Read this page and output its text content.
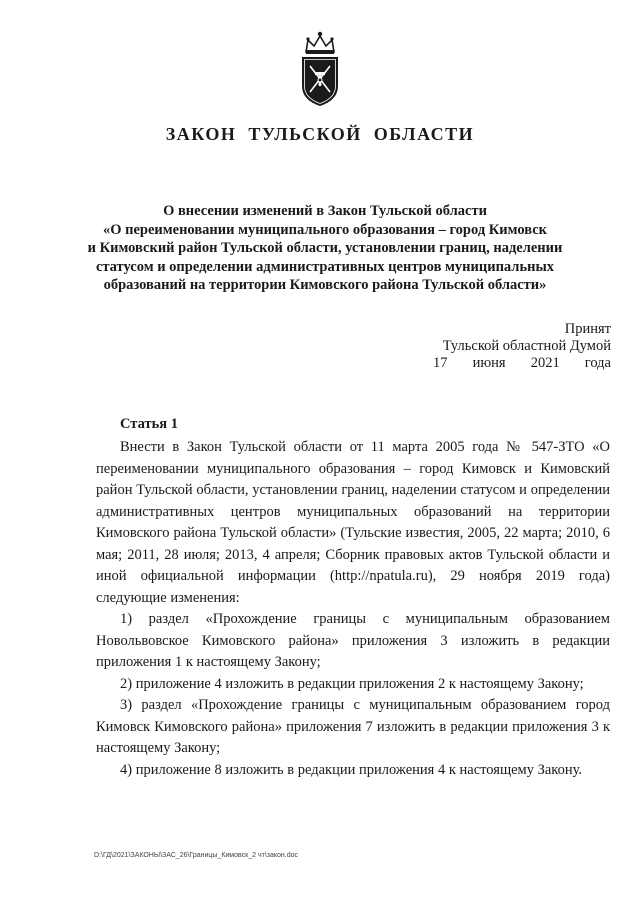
ЗАКОН ТУЛЬСКОЙ ОБЛАСТИ
О внесении изменений в Закон Тульской области
«О переименовании муниципального образования – город Кимовск
и Кимовский район Тульской области, установлении границ, наделении
статусом и определении административных центров муниципальных
образований на территории Кимовского района Тульской области»
Принят
Тульской областной Думой
17 июня 2021 года
Статья 1

Внести в Закон Тульской области от 11 марта 2005 года № 547-ЗТО «О переименовании муниципального образования – город Кимовск и Кимовский район Тульской области, установлении границ, наделении статусом и определении административных центров муниципальных образований на территории Кимовского района Тульской области» (Тульские известия, 2005, 22 марта; 2010, 6 мая; 2011, 28 июля; 2013, 4 апреля; Сборник правовых актов Тульской области и иной официальной информации (http://npatula.ru), 29 ноября 2019 года) следующие изменения:

1) раздел «Прохождение границы с муниципальным образованием Новольвовское Кимовского района» приложения 3 изложить в редакции приложения 1 к настоящему Закону;

2) приложение 4 изложить в редакции приложения 2 к настоящему Закону;

3) раздел «Прохождение границы с муниципальным образованием город Кимовск Кимовского района» приложения 7 изложить в редакции приложения 3 к настоящему Закону;

4) приложение 8 изложить в редакции приложения 4 к настоящему Закону.

D:\ГД\2021\ЗАКОНЫ\ЗАС_26\Границы_Кимовск_2 чт\закон.doc
